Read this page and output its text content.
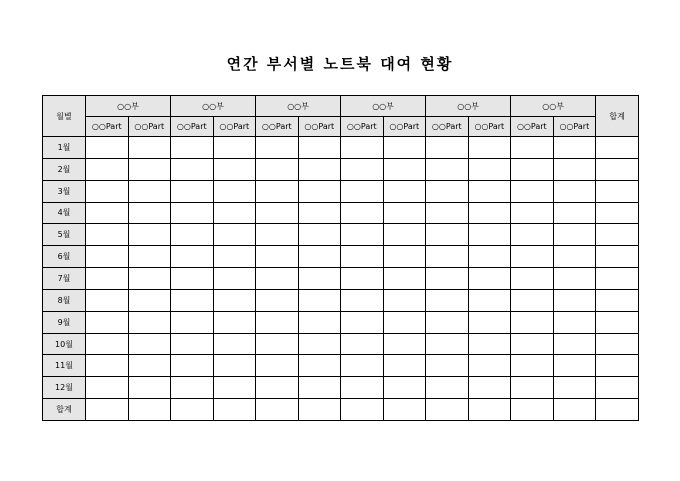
연간 부서별 노트북 대여 현황
월별	○○부		○○부		○○부		○○부		○○부		○○부		합계
	○○Part	○○Part	○○Part	○○Part	○○Part	○○Part	○○Part	○○Part	○○Part	○○Part	○○Part	○○Part	
1월													
2월													
3월													
4월													
5월													
6월													
7월													
8월													
9월													
10월													
11월													
12월													
합계													
